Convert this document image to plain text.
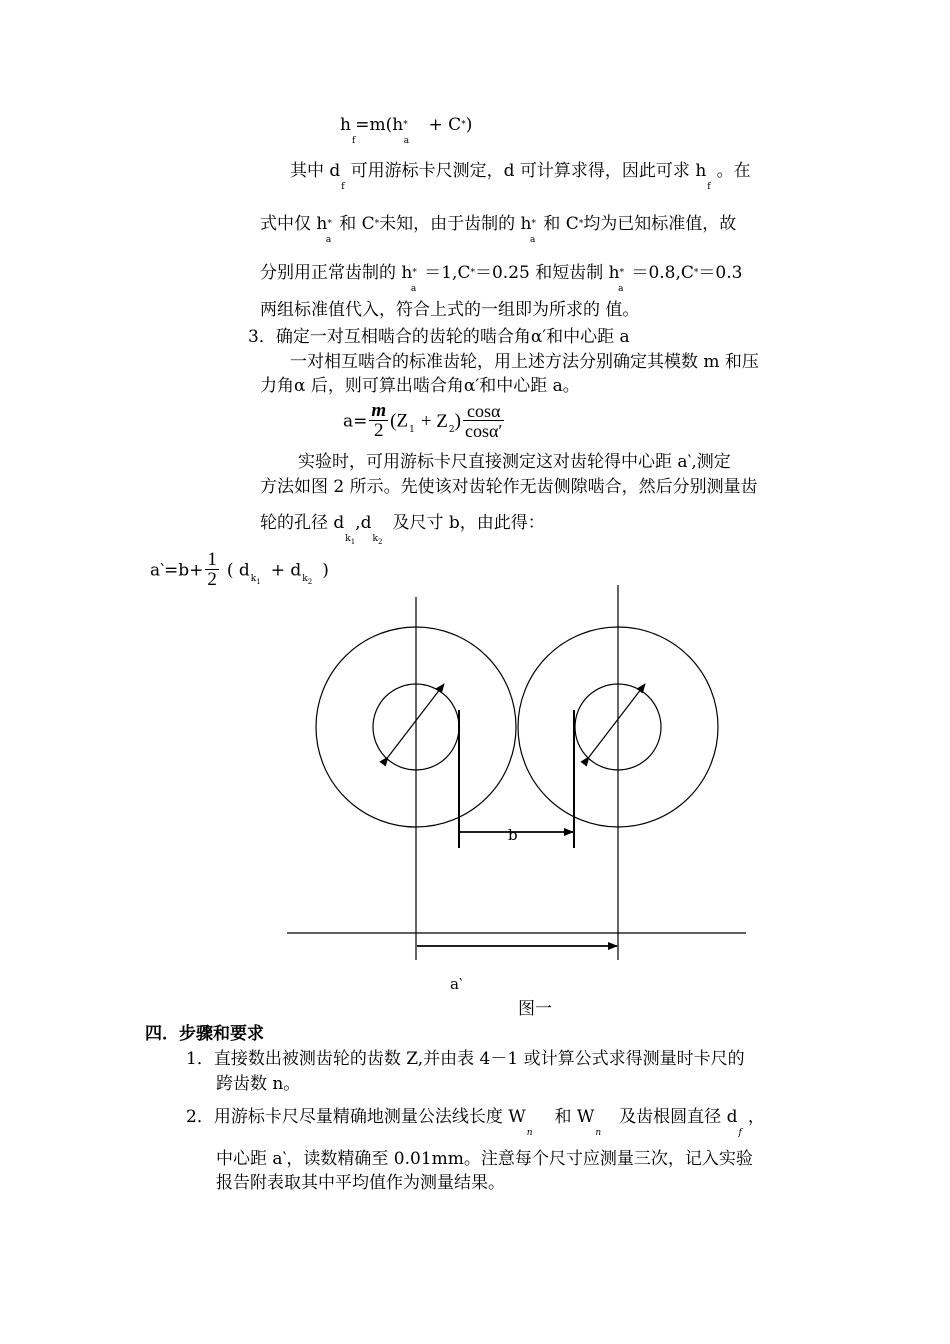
$h_f=m(h*_a + C*)$
其中 $d_f$可用游标卡尺测定，d 可计算求得，因此可求 $h_f$。在
式中仅 $h*_a$和 C*未知，由于齿制的 $h*_a$和 C*均为已知标准值，故
分别用正常齿制的 $h*_a=1,C*=0.25$ 和短齿制 $h*_a=0.8,C*=0.3$
两组标准值代入，符合上式的一组即为所求的 值。
3．确定一对互相啮合的齿轮的啮合角α′和中心距 a
一对相互啮合的标准齿轮，用上述方法分别确定其模数 m 和压
力角α 后，则可算出啮合角α′和中心距 a。
$a= \frac{m}{2} (Z_1 + Z_2) \frac{\cos\alpha}{\cos\alpha'}$
实验时，可用游标卡尺直接测定这对齿轮得中心距 a‵,测定
方法如图 2 所示。先使该对齿轮作无齿侧隙啮合，然后分别测量齿
轮的孔径 $d_{k_1},d_{k_2}$及尺寸 b，由此得：
a‵=b+ $\frac{1}{2}$ ( $d_{k_1}+ d_{k_2}$)
b
a‵
图一
四．步骤和要求
1．直接数出被测齿轮的齿数 Z,并由表 4－1 或计算公式求得测量时卡尺的
跨齿数 n。
2．用游标卡尺尽量精确地测量公法线长度 $W_n$和 $W_n$及齿根圆直径 $d_f$，
中心距 a‵，读数精确至 0.01mm。注意每个尺寸应测量三次，记入实验
报告附表取其中平均值作为测量结果。
